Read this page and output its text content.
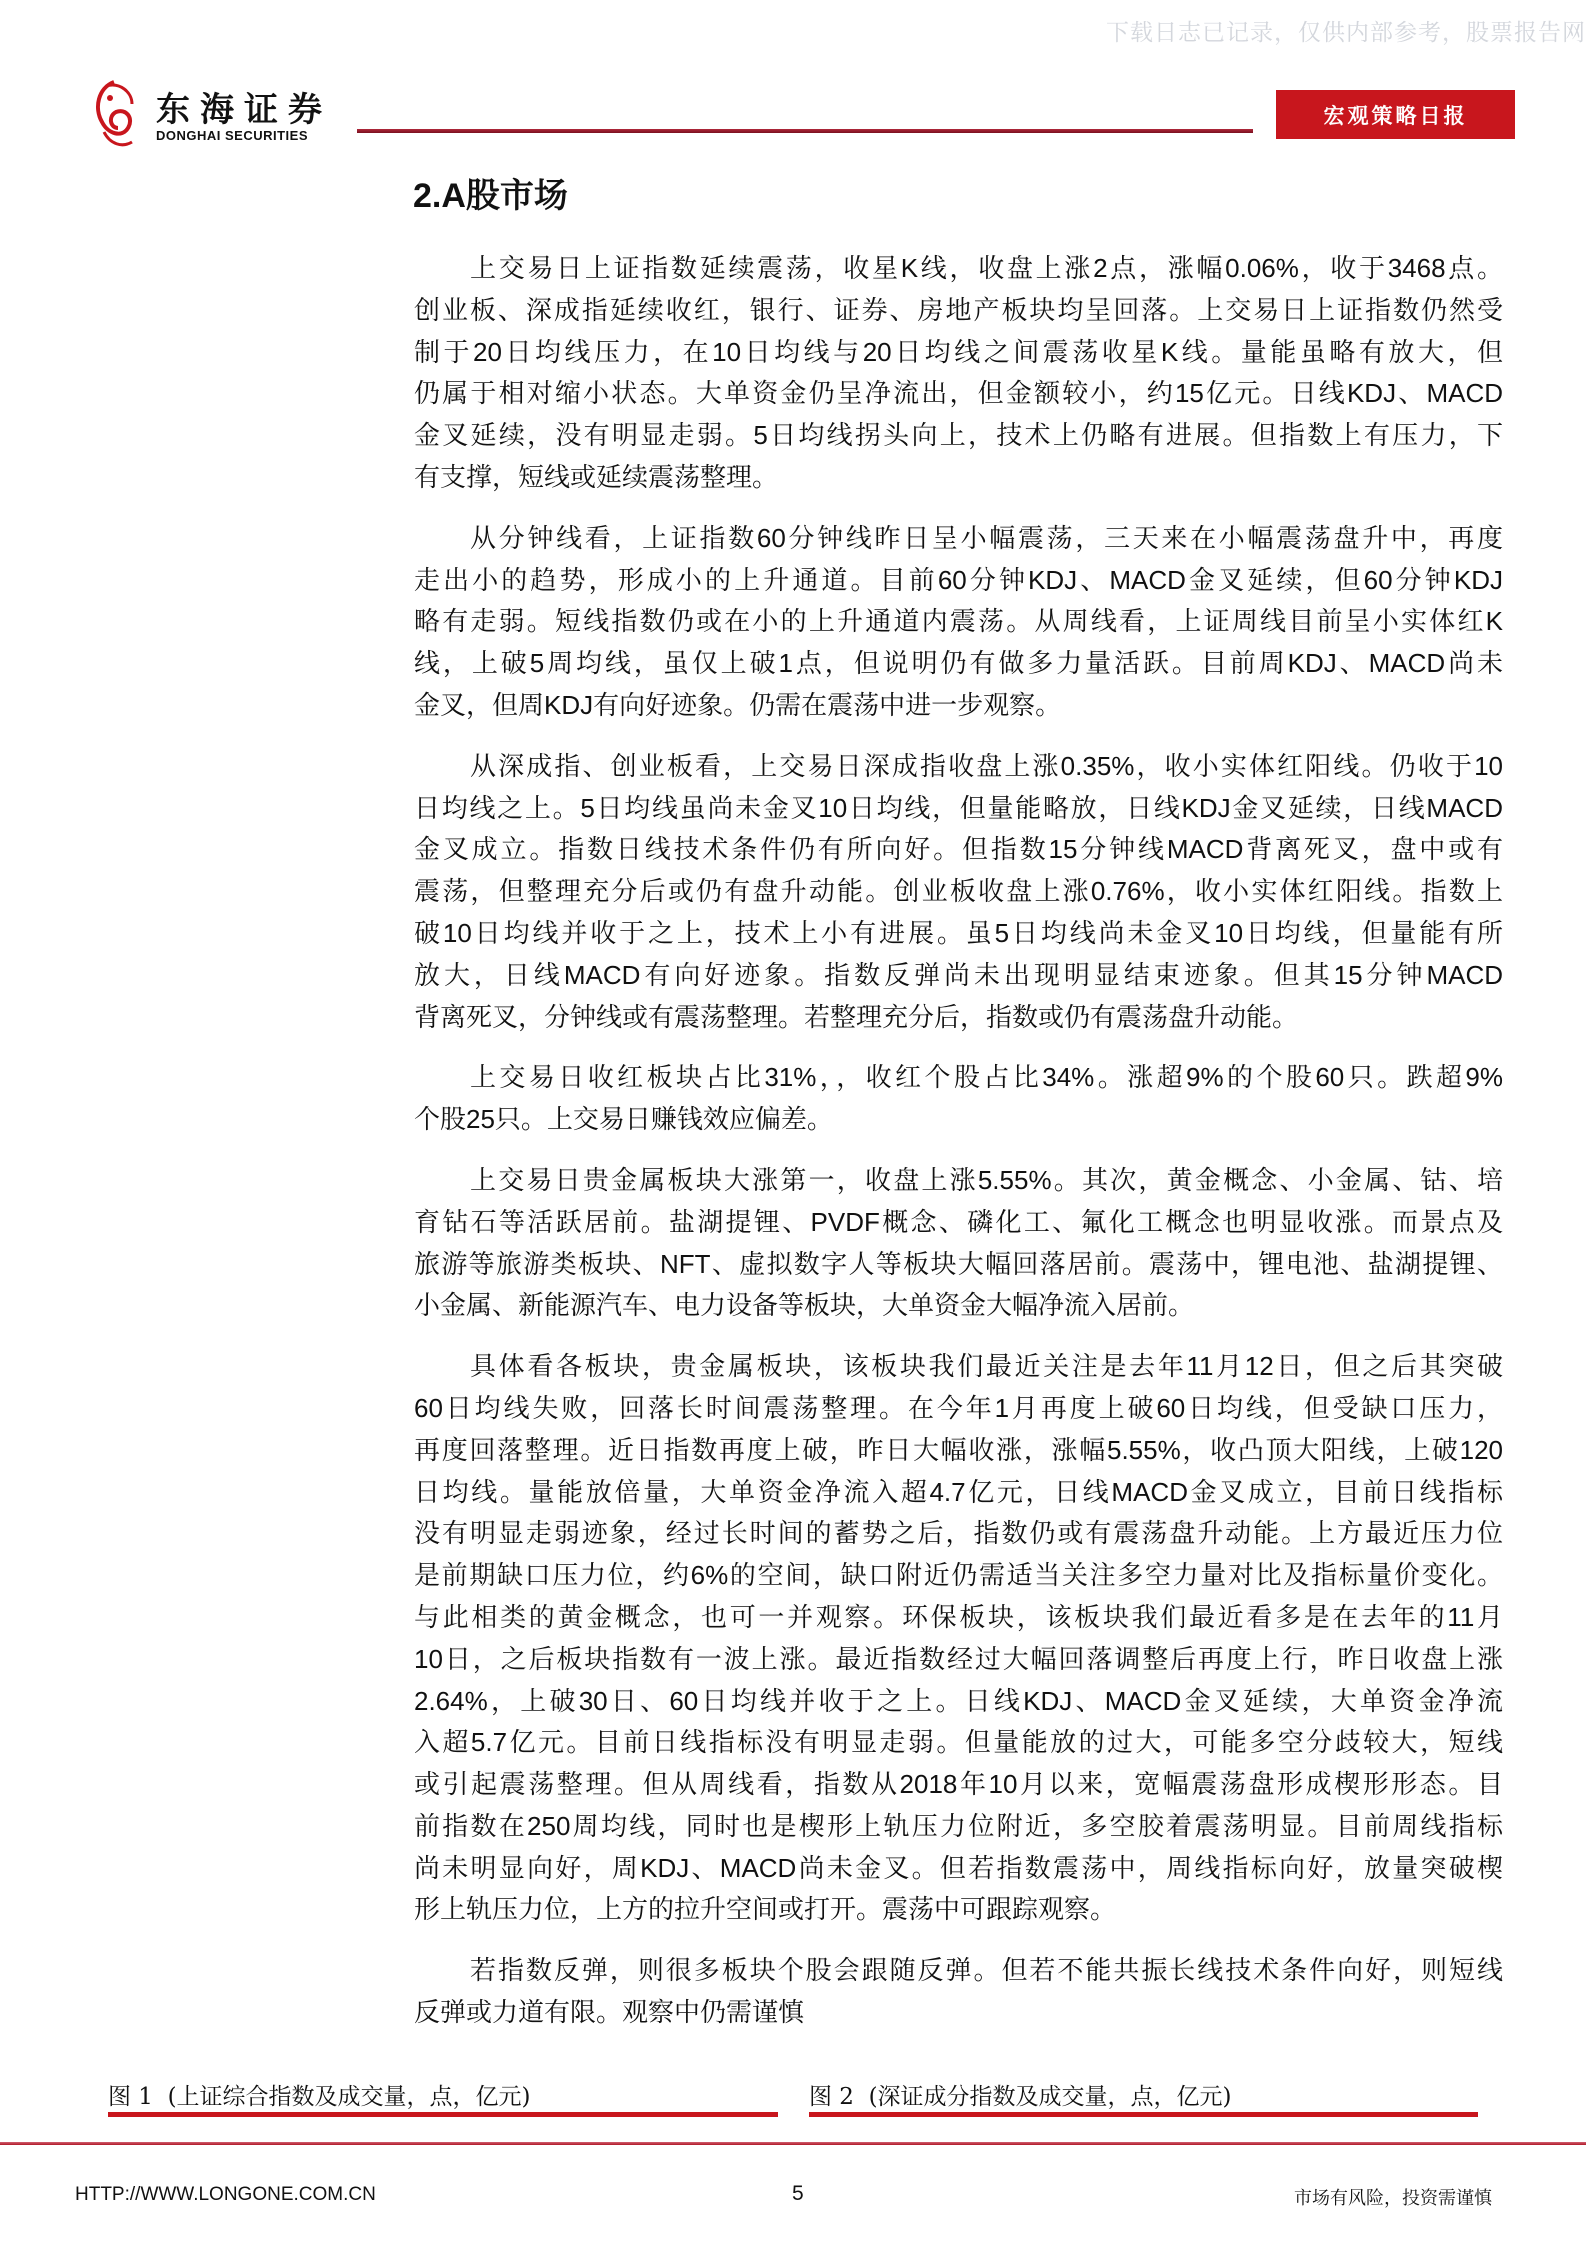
下载日志已记录，仅供内部参考，股票报告网
东海证券
DONGHAI SECURITIES
宏观策略日报
2.A股市场
上交易日上证指数延续震荡，收星K线，收盘上涨2点，涨幅0.06%，收于3468点。
创业板、深成指延续收红，银行、证券、房地产板块均呈回落。上交易日上证指数仍然受
制于20日均线压力，在10日均线与20日均线之间震荡收星K线。量能虽略有放大，但
仍属于相对缩小状态。大单资金仍呈净流出，但金额较小，约15亿元。日线KDJ、MACD
金叉延续，没有明显走弱。5日均线拐头向上，技术上仍略有进展。但指数上有压力，下
有支撑，短线或延续震荡整理。
从分钟线看，上证指数60分钟线昨日呈小幅震荡，三天来在小幅震荡盘升中，再度
走出小的趋势，形成小的上升通道。目前60分钟KDJ、MACD金叉延续，但60分钟KDJ
略有走弱。短线指数仍或在小的上升通道内震荡。从周线看，上证周线目前呈小实体红K
线，上破5周均线，虽仅上破1点，但说明仍有做多力量活跃。目前周KDJ、MACD尚未
金叉，但周KDJ有向好迹象。仍需在震荡中进一步观察。
从深成指、创业板看，上交易日深成指收盘上涨0.35%，收小实体红阳线。仍收于10
日均线之上。5日均线虽尚未金叉10日均线，但量能略放，日线KDJ金叉延续，日线MACD
金叉成立。指数日线技术条件仍有所向好。但指数15分钟线MACD背离死叉，盘中或有
震荡，但整理充分后或仍有盘升动能。创业板收盘上涨0.76%，收小实体红阳线。指数上
破10日均线并收于之上，技术上小有进展。虽5日均线尚未金叉10日均线，但量能有所
放大，日线MACD有向好迹象。指数反弹尚未出现明显结束迹象。但其15分钟MACD
背离死叉，分钟线或有震荡整理。若整理充分后，指数或仍有震荡盘升动能。
上交易日收红板块占比31%，，收红个股占比34%。涨超9%的个股60只。跌超9%
个股25只。上交易日赚钱效应偏差。
上交易日贵金属板块大涨第一，收盘上涨5.55%。其次，黄金概念、小金属、钴、培
育钻石等活跃居前。盐湖提锂、PVDF概念、磷化工、氟化工概念也明显收涨。而景点及
旅游等旅游类板块、NFT、虚拟数字人等板块大幅回落居前。震荡中，锂电池、盐湖提锂、
小金属、新能源汽车、电力设备等板块，大单资金大幅净流入居前。
具体看各板块，贵金属板块，该板块我们最近关注是去年11月12日，但之后其突破
60日均线失败，回落长时间震荡整理。在今年1月再度上破60日均线，但受缺口压力，
再度回落整理。近日指数再度上破，昨日大幅收涨，涨幅5.55%，收凸顶大阳线，上破120
日均线。量能放倍量，大单资金净流入超4.7亿元，日线MACD金叉成立，目前日线指标
没有明显走弱迹象，经过长时间的蓄势之后，指数仍或有震荡盘升动能。上方最近压力位
是前期缺口压力位，约6%的空间，缺口附近仍需适当关注多空力量对比及指标量价变化。
与此相类的黄金概念，也可一并观察。环保板块，该板块我们最近看多是在去年的11月
10日，之后板块指数有一波上涨。最近指数经过大幅回落调整后再度上行，昨日收盘上涨
2.64%，上破30日、60日均线并收于之上。日线KDJ、MACD金叉延续，大单资金净流
入超5.7亿元。目前日线指标没有明显走弱。但量能放的过大，可能多空分歧较大，短线
或引起震荡整理。但从周线看，指数从2018年10月以来，宽幅震荡盘形成楔形形态。目
前指数在250周均线，同时也是楔形上轨压力位附近，多空胶着震荡明显。目前周线指标
尚未明显向好，周KDJ、MACD尚未金叉。但若指数震荡中，周线指标向好，放量突破楔
形上轨压力位，上方的拉升空间或打开。震荡中可跟踪观察。
若指数反弹，则很多板块个股会跟随反弹。但若不能共振长线技术条件向好，则短线
反弹或力道有限。观察中仍需谨慎
图 1 (上证综合指数及成交量，点，亿元)	图 2 (深证成分指数及成交量，点，亿元)
HTTP://WWW.LONGONE.COM.CN	5	市场有风险，投资需谨慎
